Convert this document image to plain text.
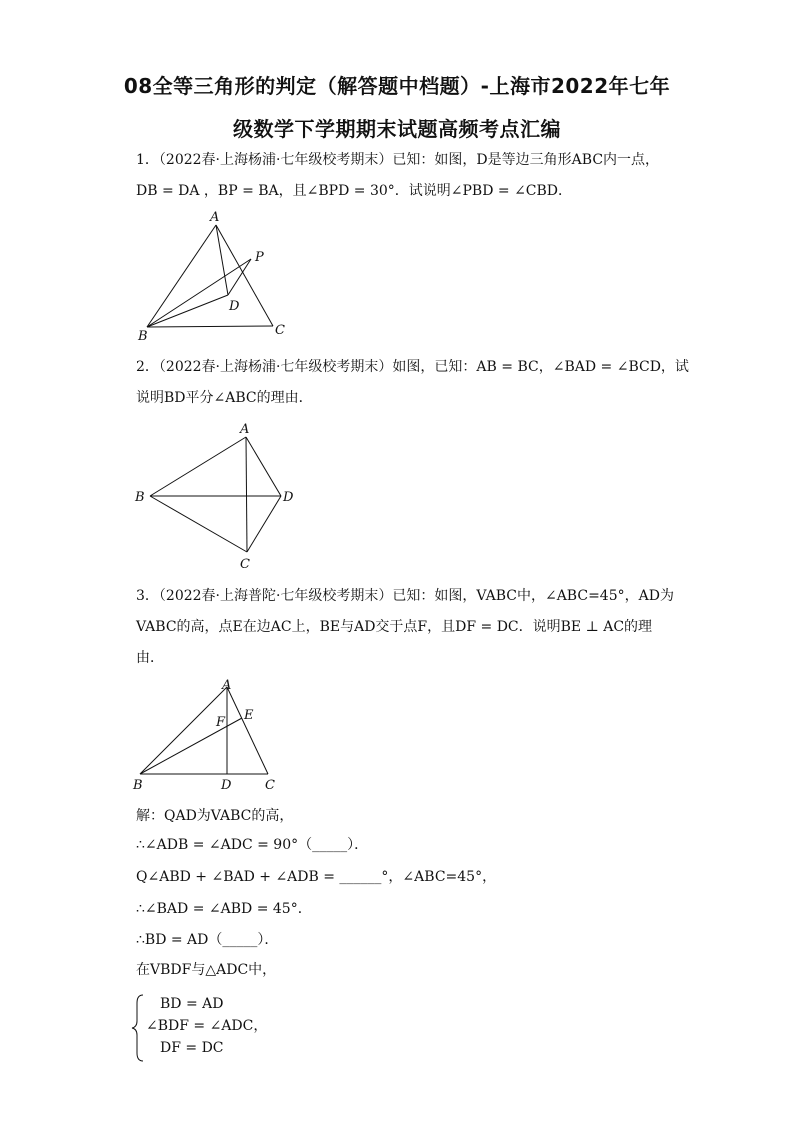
08全等三角形的判定（解答题中档题）-上海市2022年七年
级数学下学期期末试题高频考点汇编
1．（2022春·上海杨浦·七年级校考期末）已知：如图，D是等边三角形ABC内一点，
DB = DA ，BP = BA，且∠BPD = 30°．试说明∠PBD = ∠CBD．
A
B	C
D
P
2．（2022春·上海杨浦·七年级校考期末）如图，已知：AB = BC，∠BAD = ∠BCD，试
说明BD平分∠ABC的理由．
A
B
C
D
3．（2022春·上海普陀·七年级校考期末）已知：如图，VABC中，∠ABC=45°，AD为
VABC的高，点E在边AC上，BE与AD交于点F，且DF = DC．说明BE ⊥ AC的理
由．
A
B	C
D
E
F
解：QAD为VABC的高，
∴∠ADB = ∠ADC = 90°（_____）．
Q∠ABD + ∠BAD + ∠ADB = ______°，∠ABC=45°，
∴∠BAD = ∠ABD = 45°．
∴BD = AD（_____）．
在VBDF与△ADC中，
BD = AD
∠BDF = ∠ADC，
DF = DC
